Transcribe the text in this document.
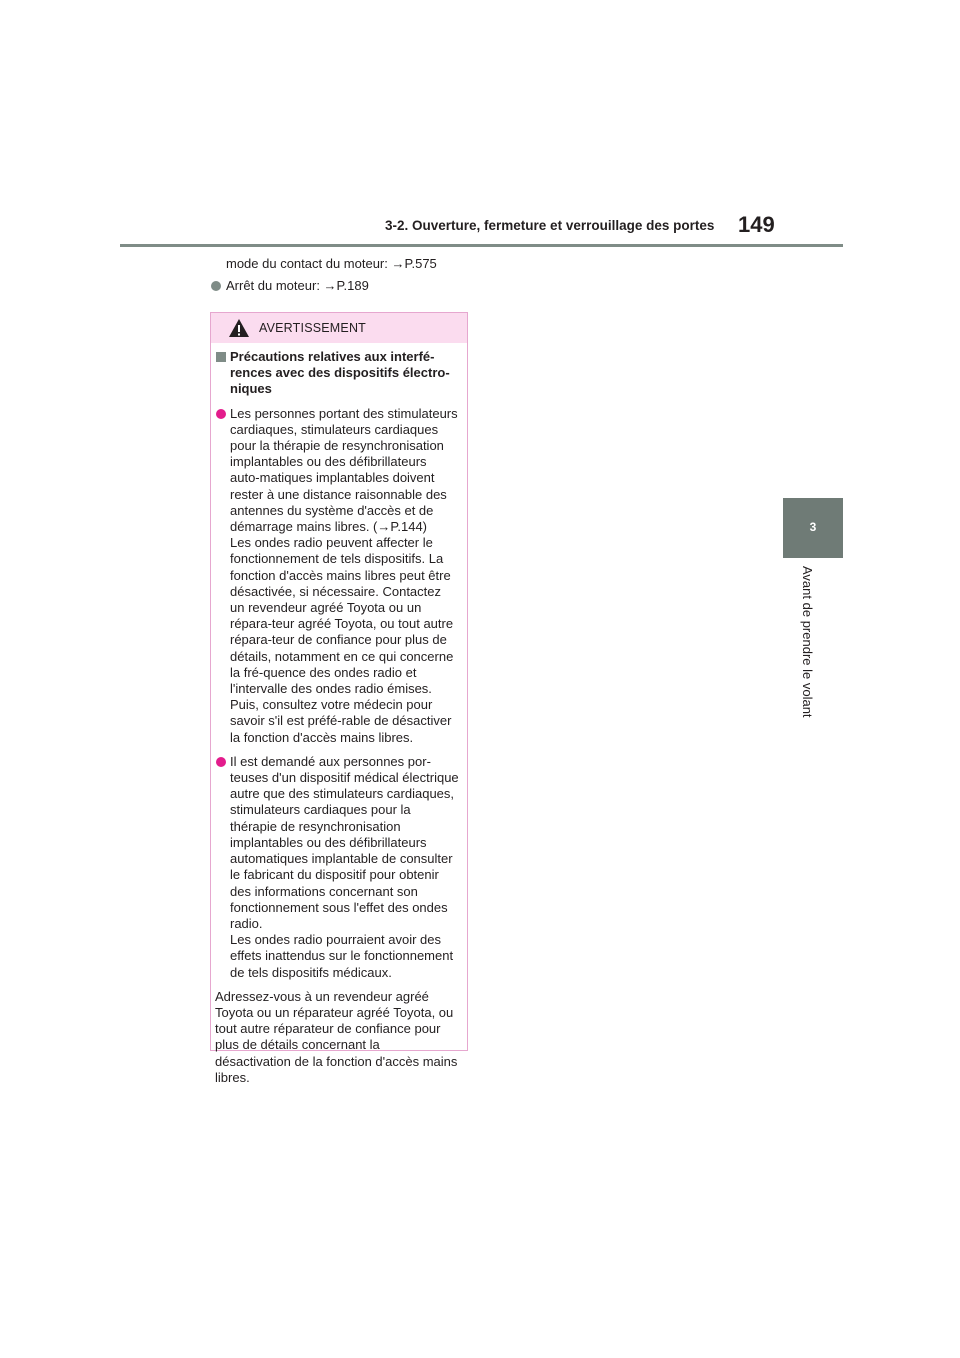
3-2. Ouverture, fermeture et verrouillage des portes 149
3
Avant de prendre le volant
mode du contact du moteur: →P.575
Arrêt du moteur: →P.189
AVERTISSEMENT
Précautions relatives aux interfé-rences avec des dispositifs électro-niques
Les personnes portant des stimulateurs cardiaques, stimulateurs cardiaques pour la thérapie de resynchronisation implantables ou des défibrillateurs auto-matiques implantables doivent rester à une distance raisonnable des antennes du système d'accès et de démarrage mains libres. (→P.144)
Les ondes radio peuvent affecter le fonctionnement de tels dispositifs. La fonction d'accès mains libres peut être désactivée, si nécessaire. Contactez un revendeur agréé Toyota ou un répara-teur agréé Toyota, ou tout autre répara-teur de confiance pour plus de détails, notamment en ce qui concerne la fré-quence des ondes radio et l'intervalle des ondes radio émises. Puis, consultez votre médecin pour savoir s'il est préfé-rable de désactiver la fonction d'accès mains libres.
Il est demandé aux personnes por-teuses d'un dispositif médical électrique autre que des stimulateurs cardiaques, stimulateurs cardiaques pour la thérapie de resynchronisation implantables ou des défibrillateurs automatiques implantable de consulter le fabricant du dispositif pour obtenir des informations concernant son fonctionnement sous l'effet des ondes radio.
Les ondes radio pourraient avoir des effets inattendus sur le fonctionnement de tels dispositifs médicaux.
Adressez-vous à un revendeur agréé Toyota ou un réparateur agréé Toyota, ou tout autre réparateur de confiance pour plus de détails concernant la désactivation de la fonction d'accès mains libres.
